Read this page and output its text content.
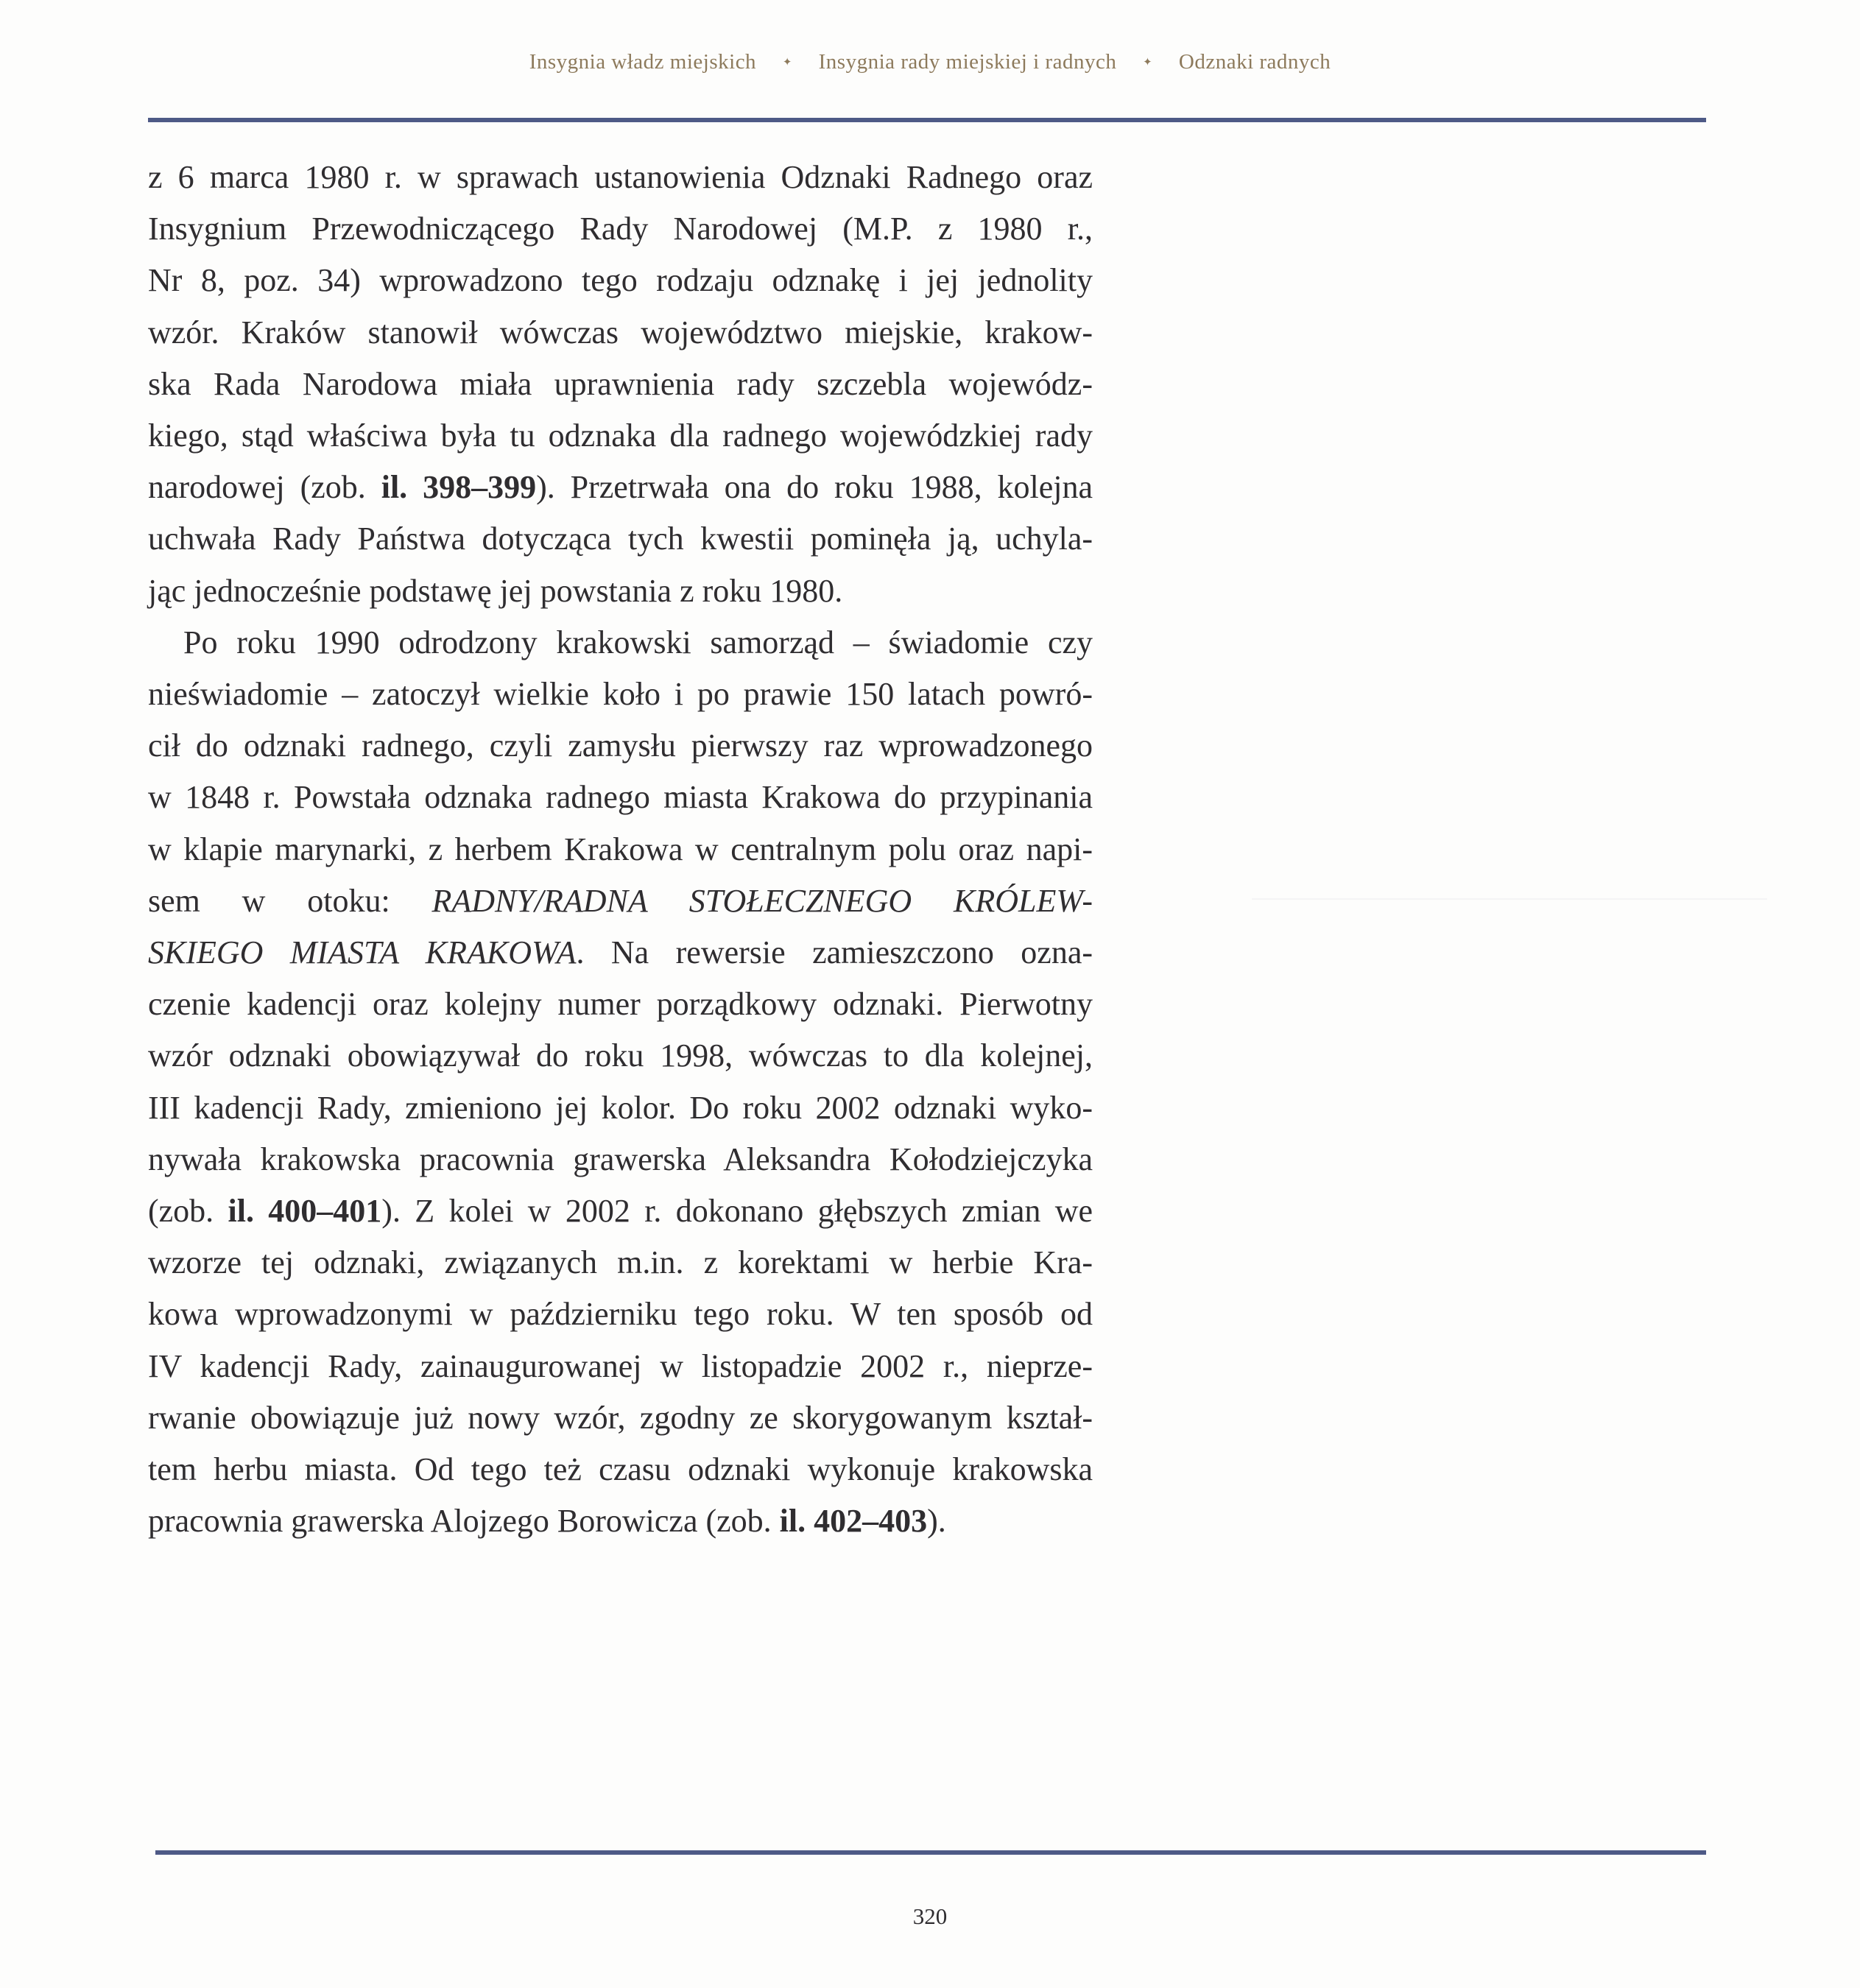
Insygnia władz miejskich ✦ Insygnia rady miejskiej i radnych ✦ Odznaki radnych

z 6 marca 1980 r. w sprawach ustanowienia Odznaki Radnego oraz
Insygnium Przewodniczącego Rady Narodowej (M.P. z 1980 r.,
Nr 8, poz. 34) wprowadzono tego rodzaju odznakę i jej jednolity
wzór. Kraków stanowił wówczas województwo miejskie, krakow-
ska Rada Narodowa miała uprawnienia rady szczebla wojewódz-
kiego, stąd właściwa była tu odznaka dla radnego wojewódzkiej rady
narodowej (zob. il. 398–399). Przetrwała ona do roku 1988, kolejna
uchwała Rady Państwa dotycząca tych kwestii pominęła ją, uchyla-
jąc jednocześnie podstawę jej powstania z roku 1980.

Po roku 1990 odrodzony krakowski samorząd – świadomie czy
nieświadomie – zatoczył wielkie koło i po prawie 150 latach powró-
cił do odznaki radnego, czyli zamysłu pierwszy raz wprowadzonego
w 1848 r. Powstała odznaka radnego miasta Krakowa do przypinania
w klapie marynarki, z herbem Krakowa w centralnym polu oraz napi-
sem w otoku: RADNY/RADNA STOŁECZNEGO KRÓLEW-
SKIEGO MIASTA KRAKOWA. Na rewersie zamieszczono ozna-
czenie kadencji oraz kolejny numer porządkowy odznaki. Pierwotny
wzór odznaki obowiązywał do roku 1998, wówczas to dla kolejnej,
III kadencji Rady, zmieniono jej kolor. Do roku 2002 odznaki wyko-
nywała krakowska pracownia grawerska Aleksandra Kołodziejczyka
(zob. il. 400–401). Z kolei w 2002 r. dokonano głębszych zmian we
wzorze tej odznaki, związanych m.in. z korektami w herbie Kra-
kowa wprowadzonymi w październiku tego roku. W ten sposób od
IV kadencji Rady, zainaugurowanej w listopadzie 2002 r., nieprze-
rwanie obowiązuje już nowy wzór, zgodny ze skorygowanym kształ-
tem herbu miasta. Od tego też czasu odznaki wykonuje krakowska
pracownia grawerska Alojzego Borowicza (zob. il. 402–403).

320
